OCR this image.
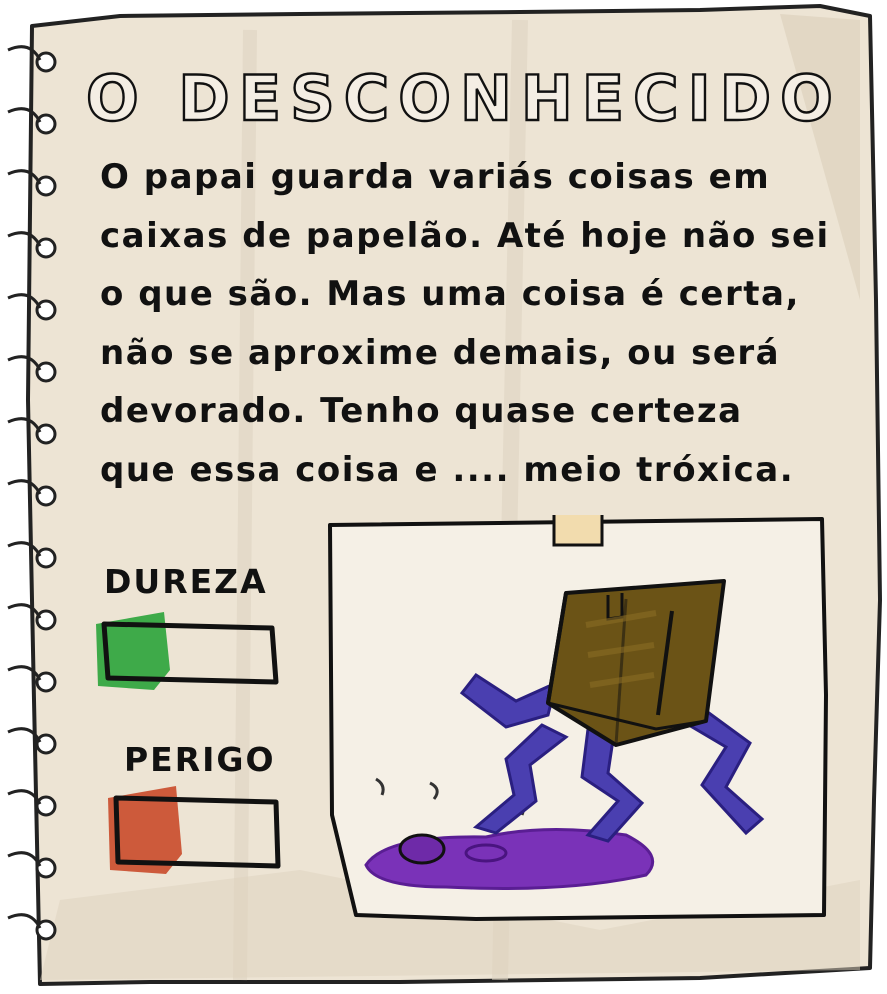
O DESCONHECIDO
O papai guarda variás coisas em
caixas de papelão. Até hoje não sei
o que são. Mas uma coisa é certa,
não se aproxime demais, ou será
devorado. Tenho quase certeza
que essa coisa e .... meio tróxica.
DUREZA
PERIGO
